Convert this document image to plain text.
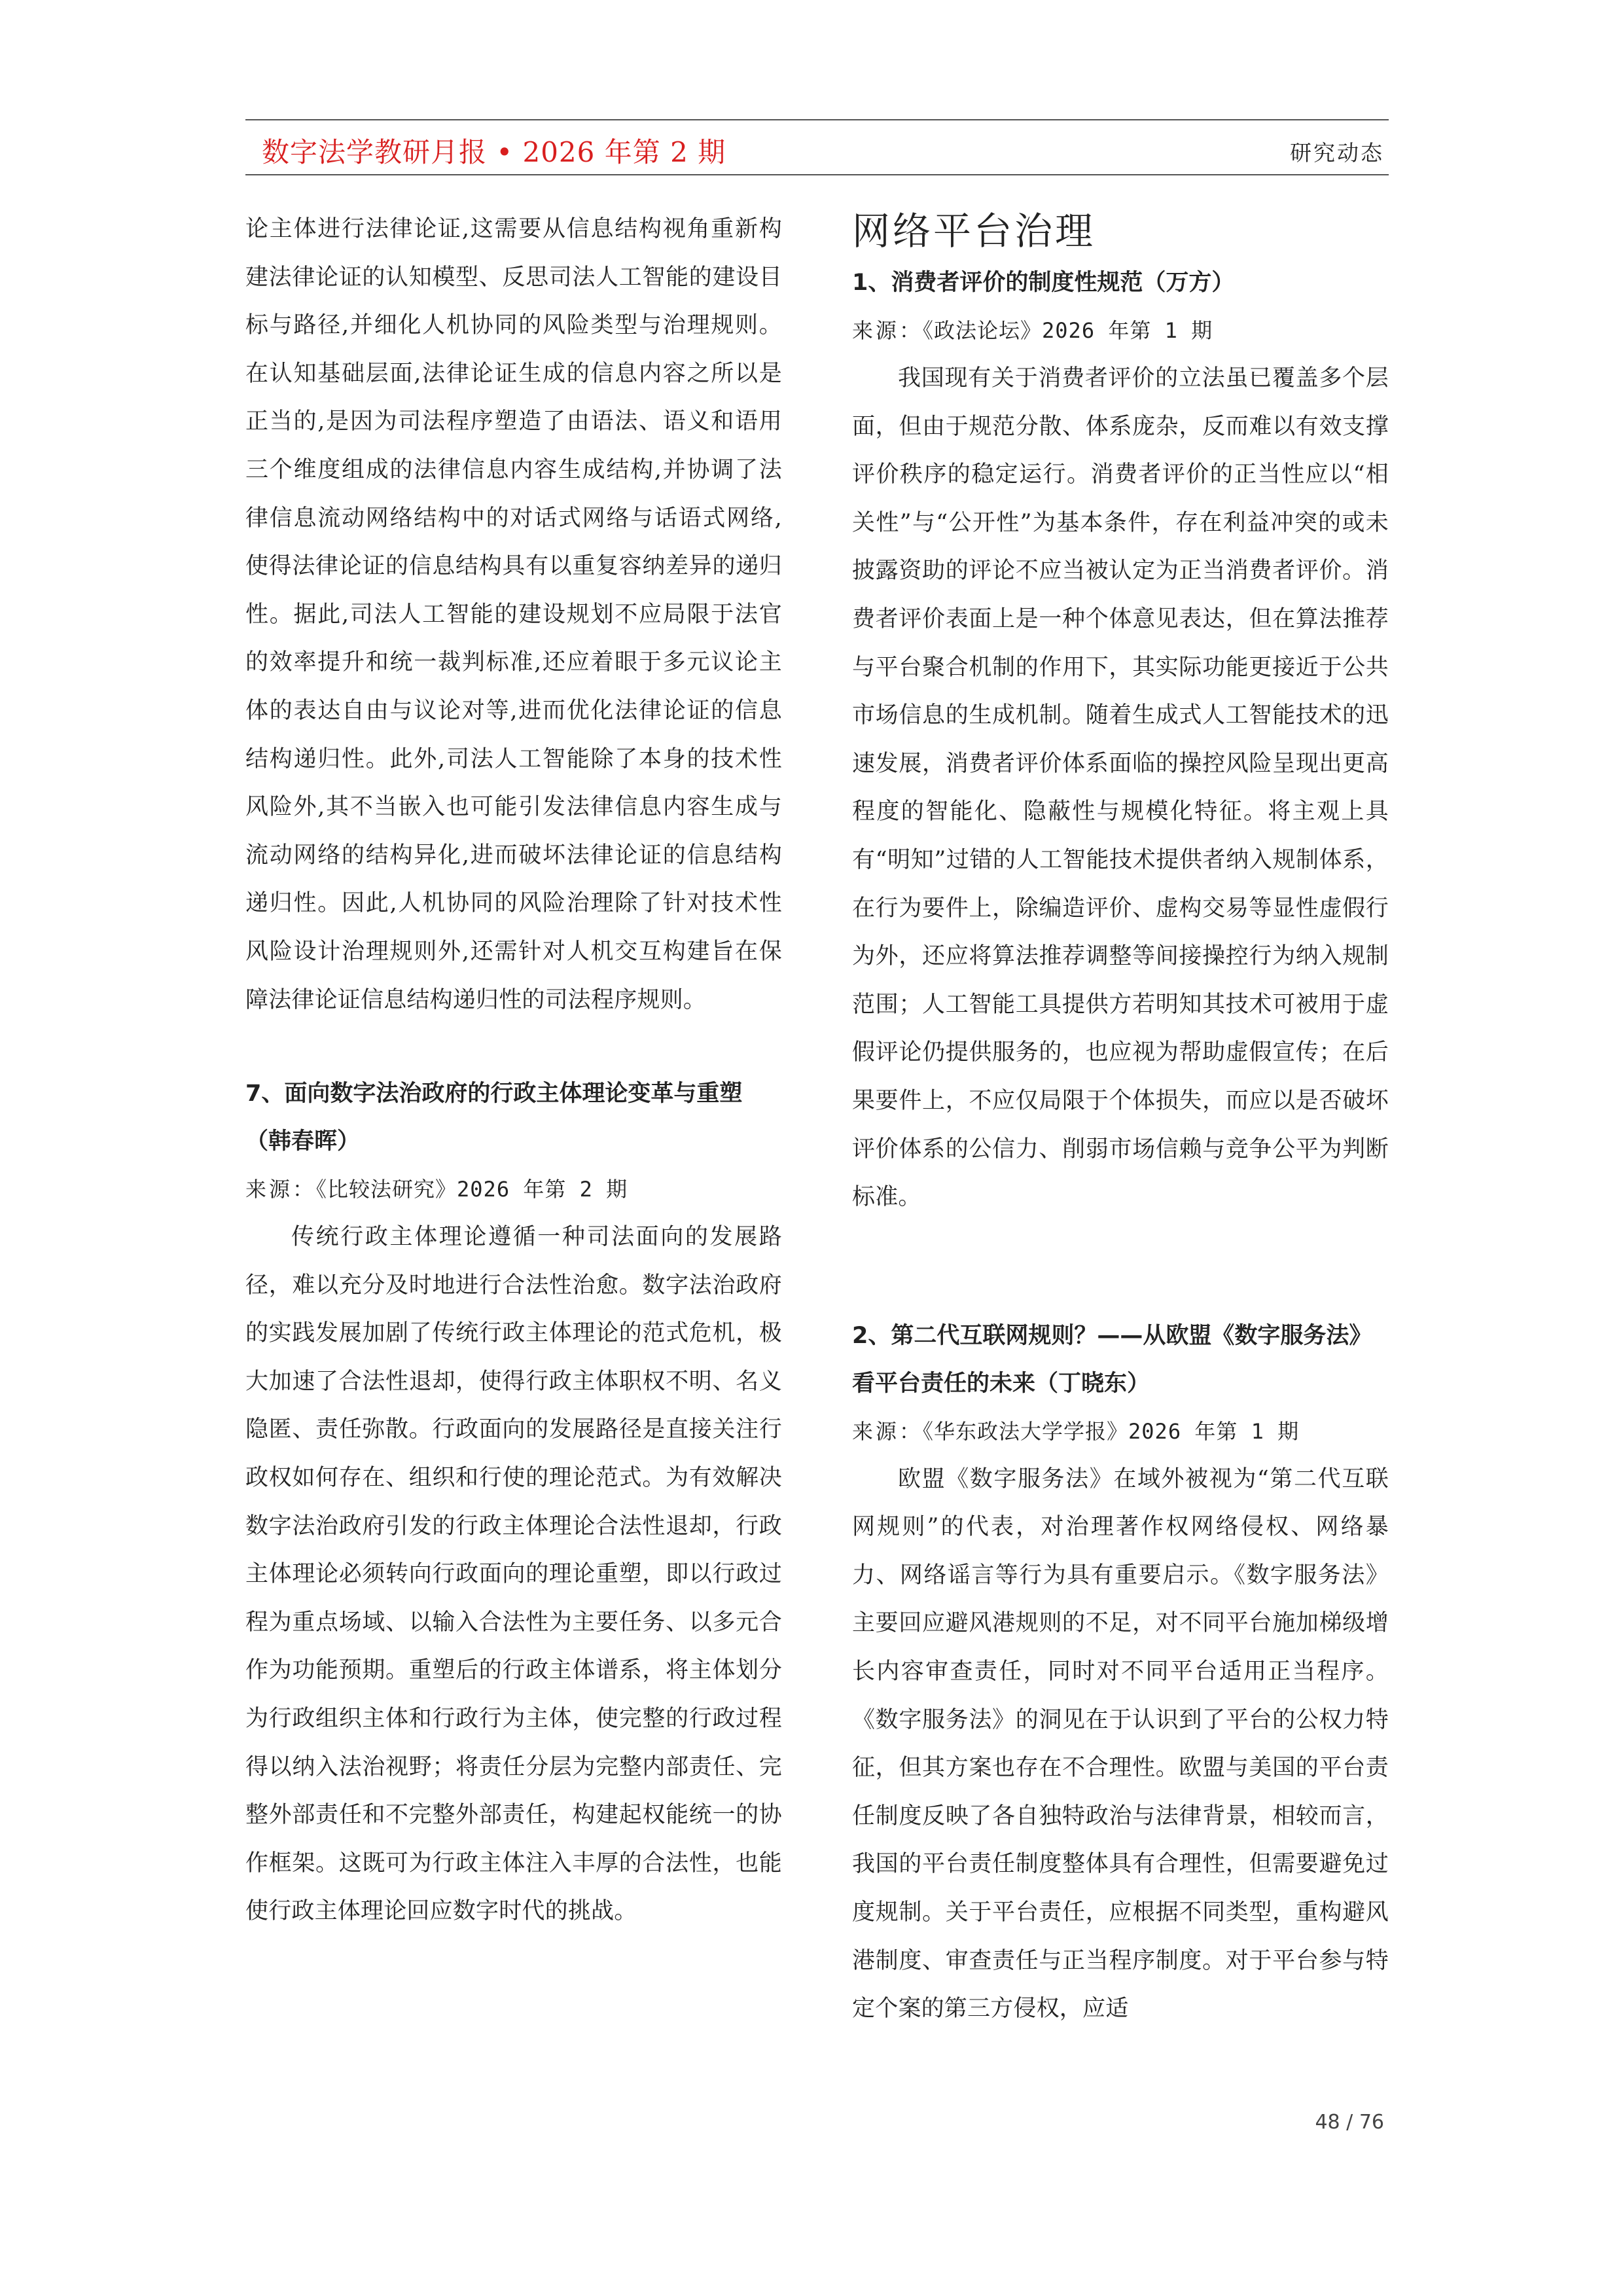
数字法学教研月报 • 2026 年第 2 期	研究动态

论主体进行法律论证,这需要从信息结构视角重新构建法律论证的认知模型、反思司法人工智能的建设目标与路径,并细化人机协同的风险类型与治理规则。在认知基础层面,法律论证生成的信息内容之所以是正当的,是因为司法程序塑造了由语法、语义和语用三个维度组成的法律信息内容生成结构,并协调了法律信息流动网络结构中的对话式网络与话语式网络,使得法律论证的信息结构具有以重复容纳差异的递归性。据此,司法人工智能的建设规划不应局限于法官的效率提升和统一裁判标准,还应着眼于多元议论主体的表达自由与议论对等,进而优化法律论证的信息结构递归性。此外,司法人工智能除了本身的技术性风险外,其不当嵌入也可能引发法律信息内容生成与流动网络的结构异化,进而破坏法律论证的信息结构递归性。因此,人机协同的风险治理除了针对技术性风险设计治理规则外,还需针对人机交互构建旨在保障法律论证信息结构递归性的司法程序规则。

7、面向数字法治政府的行政主体理论变革与重塑（韩春晖）

来源：《比较法研究》2026 年第 2 期

传统行政主体理论遵循一种司法面向的发展路径，难以充分及时地进行合法性治愈。数字法治政府的实践发展加剧了传统行政主体理论的范式危机，极大加速了合法性退却，使得行政主体职权不明、名义隐匿、责任弥散。行政面向的发展路径是直接关注行政权如何存在、组织和行使的理论范式。为有效解决数字法治政府引发的行政主体理论合法性退却，行政主体理论必须转向行政面向的理论重塑，即以行政过程为重点场域、以输入合法性为主要任务、以多元合作为功能预期。重塑后的行政主体谱系，将主体划分为行政组织主体和行政行为主体，使完整的行政过程得以纳入法治视野；将责任分层为完整内部责任、完整外部责任和不完整外部责任，构建起权能统一的协作框架。这既可为行政主体注入丰厚的合法性，也能使行政主体理论回应数字时代的挑战。

网络平台治理

1、消费者评价的制度性规范（万方）

来源：《政法论坛》2026 年第 1 期

我国现有关于消费者评价的立法虽已覆盖多个层面，但由于规范分散、体系庞杂，反而难以有效支撑评价秩序的稳定运行。消费者评价的正当性应以“相关性”与“公开性”为基本条件，存在利益冲突的或未披露资助的评论不应当被认定为正当消费者评价。消费者评价表面上是一种个体意见表达，但在算法推荐与平台聚合机制的作用下，其实际功能更接近于公共市场信息的生成机制。随着生成式人工智能技术的迅速发展，消费者评价体系面临的操控风险呈现出更高程度的智能化、隐蔽性与规模化特征。将主观上具有“明知”过错的人工智能技术提供者纳入规制体系，在行为要件上，除编造评价、虚构交易等显性虚假行为外，还应将算法推荐调整等间接操控行为纳入规制范围；人工智能工具提供方若明知其技术可被用于虚假评论仍提供服务的，也应视为帮助虚假宣传；在后果要件上，不应仅局限于个体损失，而应以是否破坏评价体系的公信力、削弱市场信赖与竞争公平为判断标准。

2、第二代互联网规则？——从欧盟《数字服务法》看平台责任的未来（丁晓东）

来源：《华东政法大学学报》2026 年第 1 期

欧盟《数字服务法》在域外被视为“第二代互联网规则”的代表，对治理著作权网络侵权、网络暴力、网络谣言等行为具有重要启示。《数字服务法》主要回应避风港规则的不足，对不同平台施加梯级增长内容审查责任，同时对不同平台适用正当程序。《数字服务法》的洞见在于认识到了平台的公权力特征，但其方案也存在不合理性。欧盟与美国的平台责任制度反映了各自独特政治与法律背景，相较而言，我国的平台责任制度整体具有合理性，但需要避免过度规制。关于平台责任，应根据不同类型，重构避风港制度、审查责任与正当程序制度。对于平台参与特定个案的第三方侵权，应适

48 / 76
